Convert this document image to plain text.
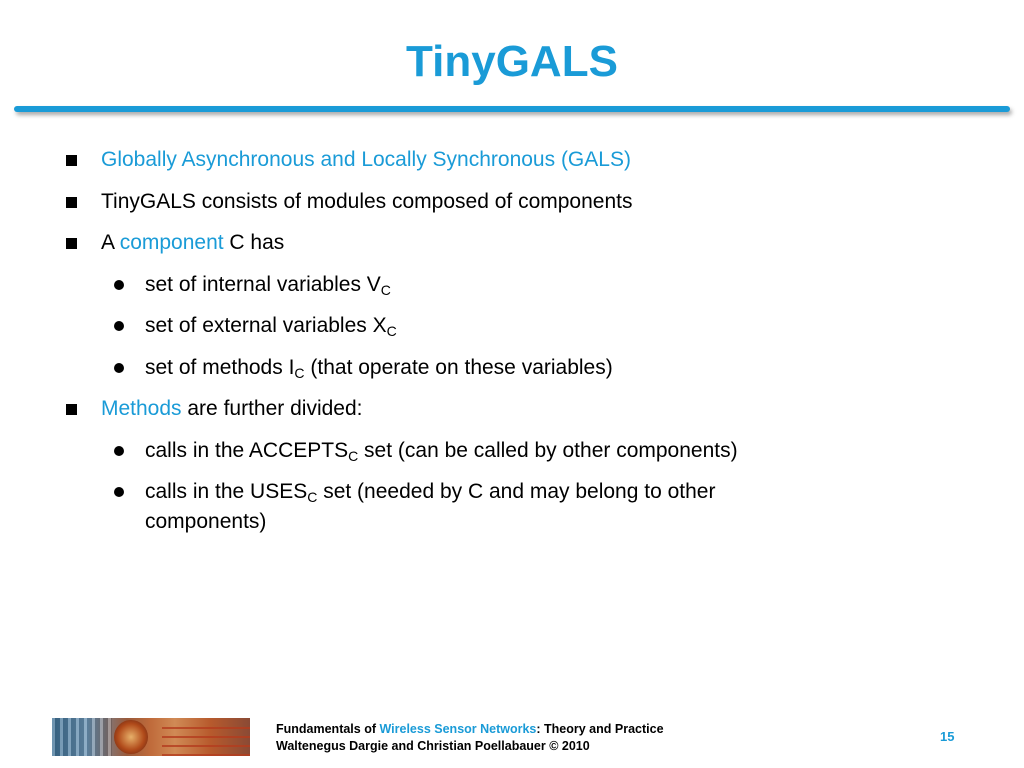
TinyGALS
Globally Asynchronous and Locally Synchronous (GALS)
TinyGALS consists of modules composed of components
A component C has
set of internal variables $V_C$
set of external variables $X_C$
set of methods $I_C$ (that operate on these variables)
Methods are further divided:
calls in the $ACCEPTS_C$ set (can be called by other components)
calls in the $USES_C$ set (needed by C and may belong to other
components)
Fundamentals of Wireless Sensor Networks: Theory and Practice
Waltenegus Dargie and Christian Poellabauer © 2010
15
